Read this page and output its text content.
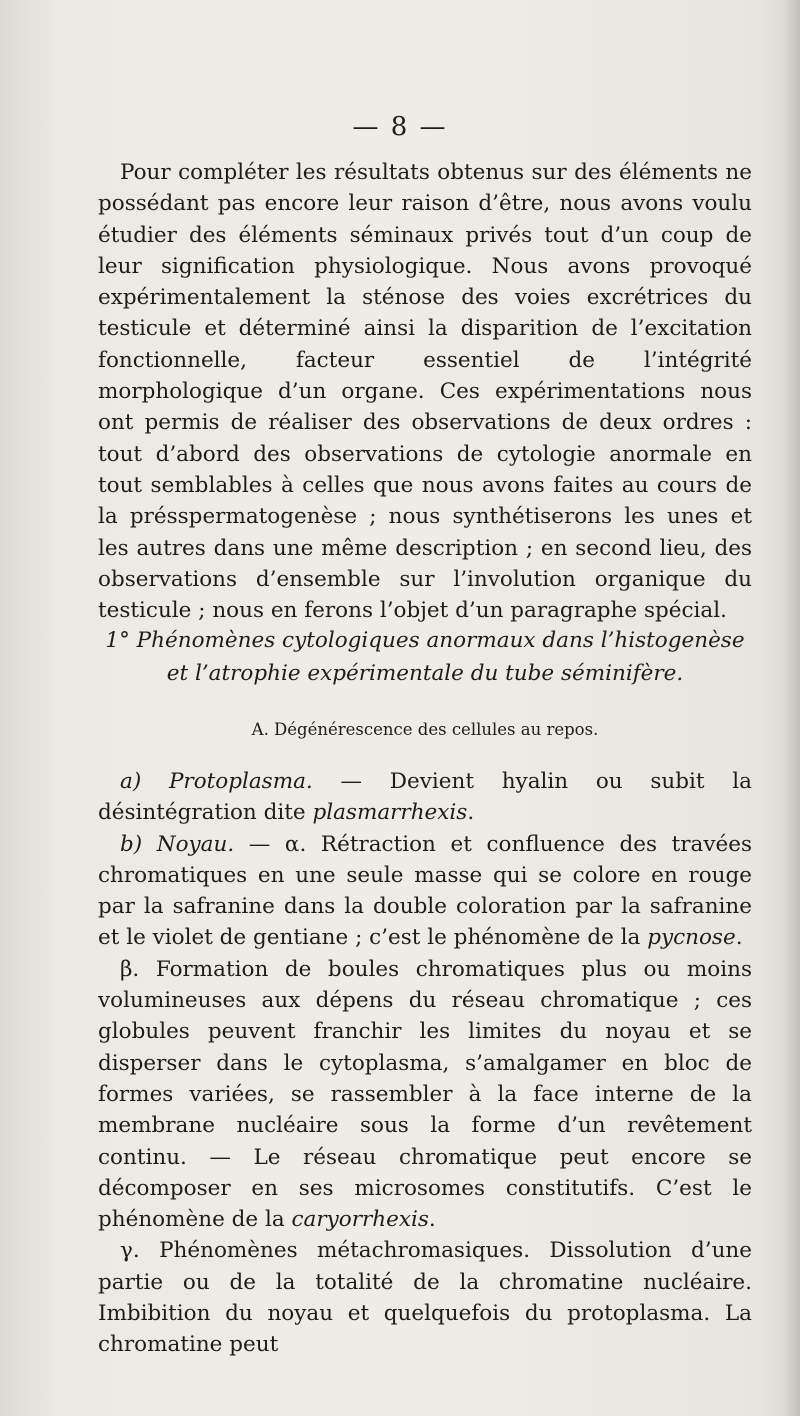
— 8 —

Pour compléter les résultats obtenus sur des éléments ne possédant pas encore leur raison d’être, nous avons voulu étudier des éléments séminaux privés tout d’un coup de leur signification physiologique. Nous avons provoqué expérimentalement la sténose des voies excrétrices du testicule et déterminé ainsi la disparition de l’excitation fonctionnelle, facteur essentiel de l’intégrité morphologique d’un organe. Ces expérimentations nous ont permis de réaliser des observations de deux ordres : tout d’abord des observations de cytologie anormale en tout semblables à celles que nous avons faites au cours de la présspermatogenèse ; nous synthétiserons les unes et les autres dans une même description ; en second lieu, des observations d’ensemble sur l’involution organique du testicule ; nous en ferons l’objet d’un paragraphe spécial.

1° Phénomènes cytologiques anormaux dans l’histogenèse
et l’atrophie expérimentale du tube séminifère.
A. Dégénérescence des cellules au repos.

a) Protoplasma. — Devient hyalin ou subit la désintégration dite plasmarrhexis.

b) Noyau. — α. Rétraction et confluence des travées chromatiques en une seule masse qui se colore en rouge par la safranine dans la double coloration par la safranine et le violet de gentiane ; c’est le phénomène de la pycnose.

β. Formation de boules chromatiques plus ou moins volumineuses aux dépens du réseau chromatique ; ces globules peuvent franchir les limites du noyau et se disperser dans le cytoplasma, s’amalgamer en bloc de formes variées, se rassembler à la face interne de la membrane nucléaire sous la forme d’un revêtement continu. — Le réseau chromatique peut encore se décomposer en ses microsomes constitutifs. C’est le phénomène de la caryorrhexis.

γ. Phénomènes métachromasiques. Dissolution d’une partie ou de la totalité de la chromatine nucléaire. Imbibition du noyau et quelquefois du protoplasma. La chromatine peut
